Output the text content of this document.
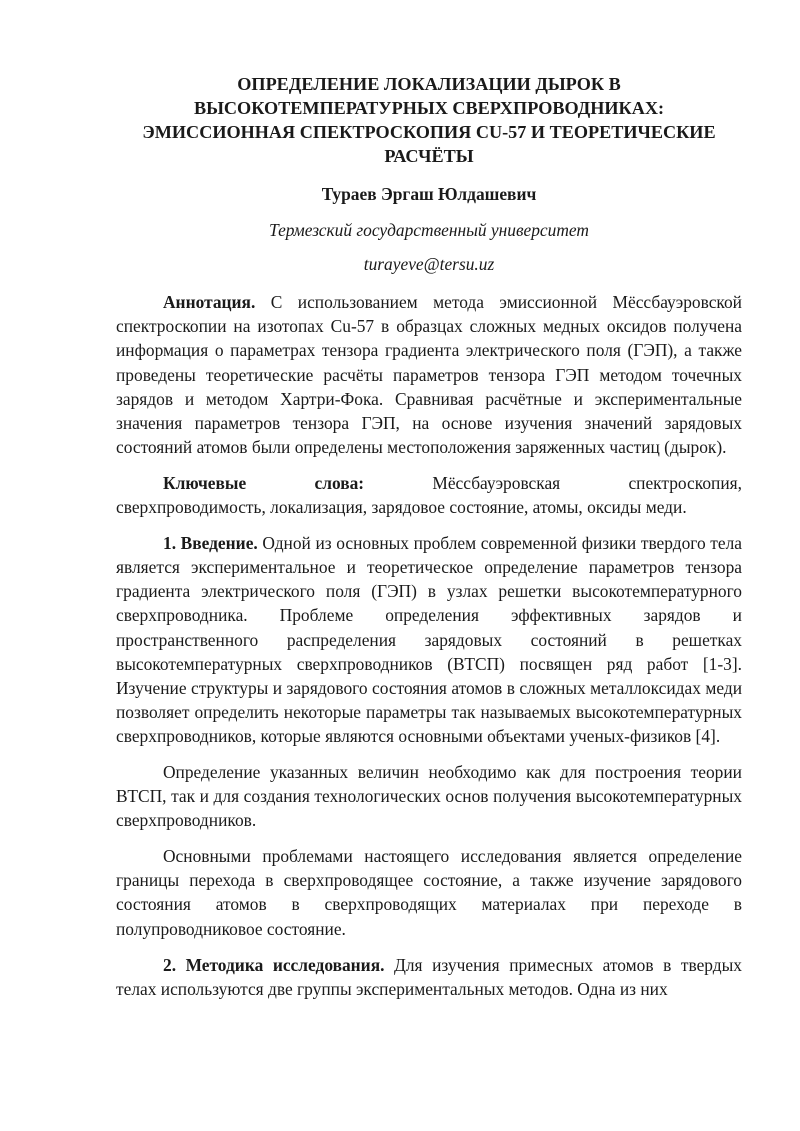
ОПРЕДЕЛЕНИЕ ЛОКАЛИЗАЦИИ ДЫРОК В ВЫСОКОТЕМПЕРАТУРНЫХ СВЕРХПРОВОДНИКАХ: ЭМИССИОННАЯ СПЕКТРОСКОПИЯ CU-57 И ТЕОРЕТИЧЕСКИЕ РАСЧЁТЫ
Тураев Эргаш Юлдашевич
Термезский государственный университет
turayeve@tersu.uz

Аннотация. С использованием метода эмиссионной Мёссбауэровской спектроскопии на изотопах Cu-57 в образцах сложных медных оксидов получена информация о параметрах тензора градиента электрического поля (ГЭП), а также проведены теоретические расчёты параметров тензора ГЭП методом точечных зарядов и методом Хартри-Фока. Сравнивая расчётные и экспериментальные значения параметров тензора ГЭП, на основе изучения значений зарядовых состояний атомов были определены местоположения заряженных частиц (дырок).

Ключевые	слова:	Мёссбауэровская	спектроскопия,
сверхпроводимость, локализация, зарядовое состояние, атомы, оксиды меди.

1. Введение. Одной из основных проблем современной физики твердого тела является экспериментальное и теоретическое определение параметров тензора градиента электрического поля (ГЭП) в узлах решетки высокотемпературного сверхпроводника. Проблеме определения эффективных зарядов и пространственного распределения зарядовых состояний в решетках высокотемпературных сверхпроводников (ВТСП) посвящен ряд работ [1-3]. Изучение структуры и зарядового состояния атомов в сложных металлоксидах меди позволяет определить некоторые параметры так называемых высокотемпературных сверхпроводников, которые являются основными объектами ученых-физиков [4].

Определение указанных величин необходимо как для построения теории ВТСП, так и для создания технологических основ получения высокотемпературных сверхпроводников.

Основными проблемами настоящего исследования является определение границы перехода в сверхпроводящее состояние, а также изучение зарядового состояния атомов в сверхпроводящих материалах при переходе в полупроводниковое состояние.

2. Методика исследования. Для изучения примесных атомов в твердых телах используются две группы экспериментальных методов. Одна из них
